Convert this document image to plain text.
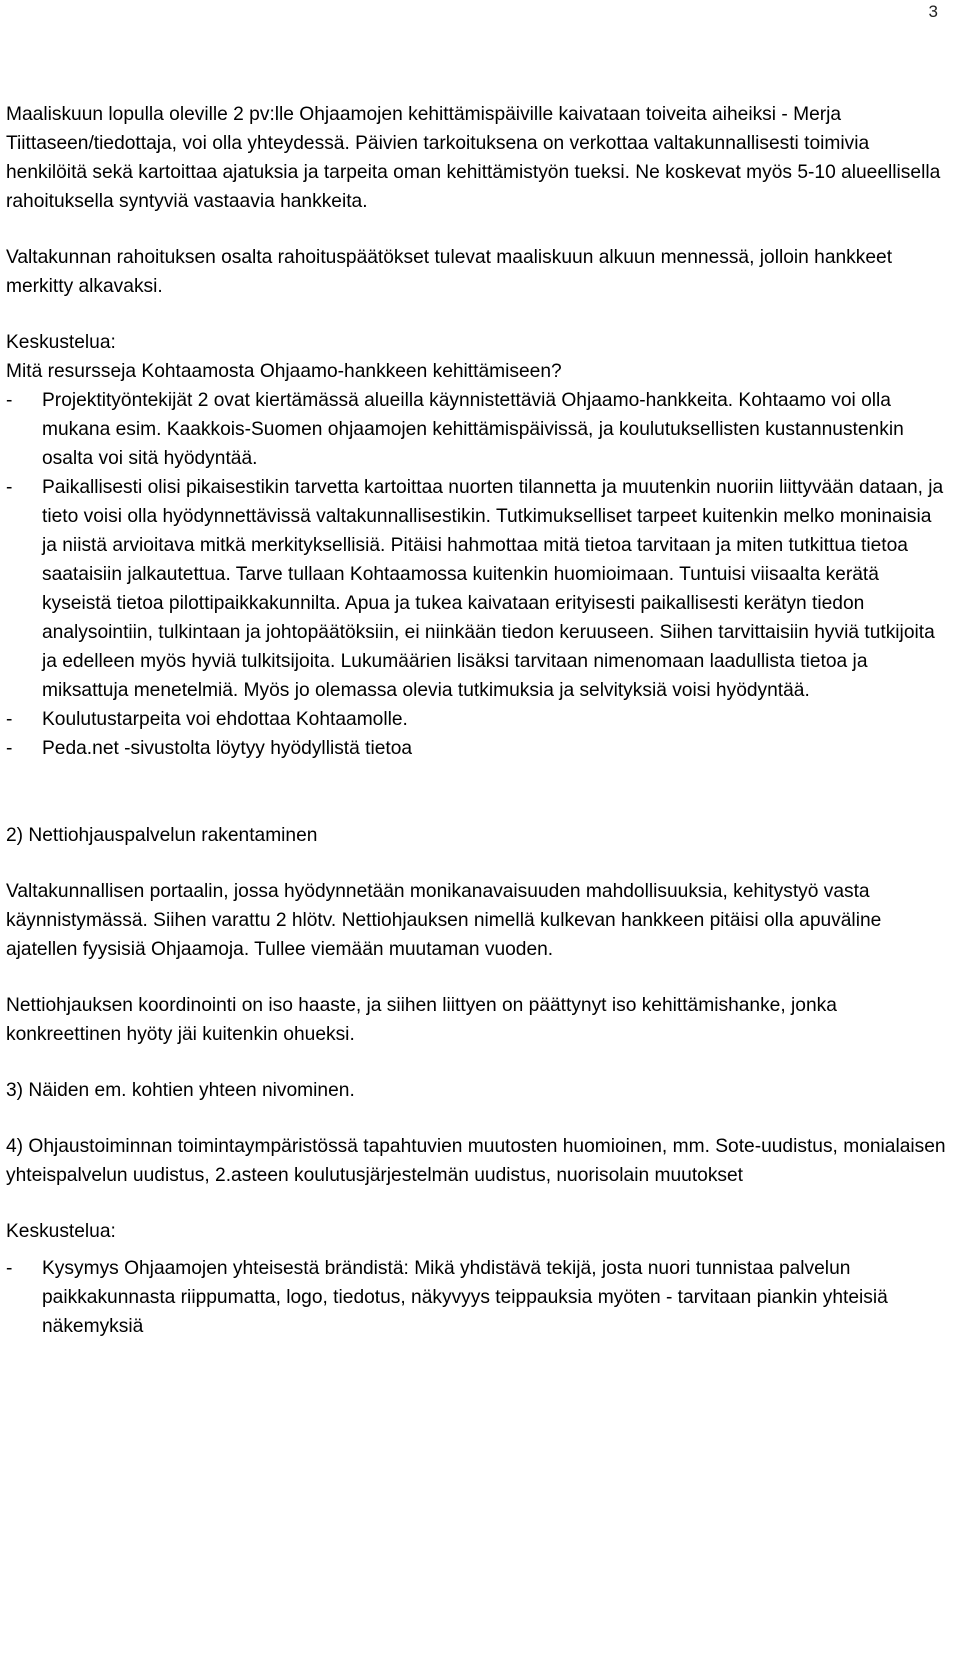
3

Maaliskuun lopulla oleville 2 pv:lle Ohjaamojen kehittämispäiville kaivataan toiveita aiheiksi - Merja Tiittaseen/tiedottaja, voi olla yhteydessä. Päivien tarkoituksena on verkottaa valtakunnallisesti toimivia henkilöitä sekä kartoittaa ajatuksia ja tarpeita oman kehittämistyön tueksi. Ne koskevat myös 5-10 alueellisella rahoituksella syntyviä vastaavia hankkeita.

Valtakunnan rahoituksen osalta rahoituspäätökset tulevat maaliskuun alkuun mennessä, jolloin hankkeet merkitty alkavaksi.

Keskustelua:
Mitä resursseja Kohtaamosta Ohjaamo-hankkeen kehittämiseen?
- Projektityöntekijät 2 ovat kiertämässä alueilla käynnistettäviä Ohjaamo-hankkeita. Kohtaamo voi olla mukana esim. Kaakkois-Suomen ohjaamojen kehittämispäivissä, ja koulutuksellisten kustannustenkin osalta voi sitä hyödyntää.
- Paikallisesti olisi pikaisestikin tarvetta kartoittaa nuorten tilannetta ja muutenkin nuoriin liittyvään dataan, ja tieto voisi olla hyödynnettävissä valtakunnallisestikin. Tutkimukselliset tarpeet kuitenkin melko moninaisia ja niistä arvioitava mitkä merkityksellisiä. Pitäisi hahmottaa mitä tietoa tarvitaan ja miten tutkittua tietoa saataisiin jalkautettua. Tarve tullaan Kohtaamossa kuitenkin huomioimaan. Tuntuisi viisaalta kerätä kyseistä tietoa pilottipaikkakunnilta. Apua ja tukea kaivataan erityisesti paikallisesti kerätyn tiedon analysointiin, tulkintaan ja johtopäätöksiin, ei niinkään tiedon keruuseen. Siihen tarvittaisiin hyviä tutkijoita ja edelleen myös hyviä tulkitsijoita. Lukumäärien lisäksi tarvitaan nimenomaan laadullista tietoa ja miksattuja menetelmiä. Myös jo olemassa olevia tutkimuksia ja selvityksiä voisi hyödyntää.
- Koulutustarpeita voi ehdottaa Kohtaamolle.
- Peda.net -sivustolta löytyy hyödyllistä tietoa

2) Nettiohjauspalvelun rakentaminen

Valtakunnallisen portaalin, jossa hyödynnetään monikanavaisuuden mahdollisuuksia, kehitystyö vasta käynnistymässä. Siihen varattu 2 hlötv. Nettiohjauksen nimellä kulkevan hankkeen pitäisi olla apuväline ajatellen fyysisiä Ohjaamoja. Tullee viemään muutaman vuoden.

Nettiohjauksen koordinointi on iso haaste, ja siihen liittyen on päättynyt iso kehittämishanke, jonka konkreettinen hyöty jäi kuitenkin ohueksi.

3) Näiden em. kohtien yhteen nivominen.

4) Ohjaustoiminnan toimintaympäristössä tapahtuvien muutosten huomioinen, mm. Sote-uudistus, monialaisen yhteispalvelun uudistus, 2.asteen koulutusjärjestelmän uudistus, nuorisolain muutokset

Keskustelua:
- Kysymys Ohjaamojen yhteisestä brändistä: Mikä yhdistävä tekijä, josta nuori tunnistaa palvelun paikkakunnasta riippumatta, logo, tiedotus, näkyvyys teippauksia myöten - tarvitaan piankin yhteisiä näkemyksiä
